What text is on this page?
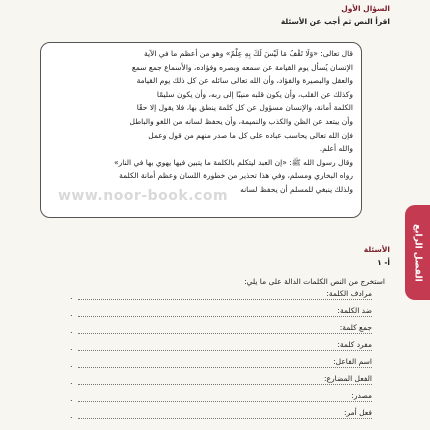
السؤال الأول
اقرأ النص ثم أجب عن الأسئلة
قال تعالى: «وَلَا تَقْفُ مَا لَيْسَ لَكَ بِهِ عِلْمٌ» وهو من أعظم ما في الآية
الإنسان يُسأل يوم القيامة عن سمعه وبصره وفؤاده، والأسماع جمع سمع
والعقل والبصيرة والفؤاد، وأن الله تعالى سائله عن كل ذلك يوم القيامة
وكذلك عن القلب، وأن يكون قلبه منيبًا إلى ربه، وأن يكون سليمًا
الكلمة أمانة، والإنسان مسؤول عن كل كلمة ينطق بها، فلا يقول إلا حقًا
وأن يبتعد عن الظن والكذب والنميمة، وأن يحفظ لسانه من اللغو والباطل
فإن الله تعالى يحاسب عباده على كل ما صدر منهم من قول وعمل
والله أعلم.
وقال رسول الله ﷺ: «إن العبد ليتكلم بالكلمة ما يتبين فيها يهوي بها في النار»
رواه البخاري ومسلم، وفي هذا تحذير من خطورة اللسان وعظم أمانة الكلمة
ولذلك ينبغي للمسلم أن يحفظ لسانه
www.noor-book.com
الفصل الرابع
الأسئلة
أ- ١
استخرج من النص الكلمات الدالة على ما يلي:
مرادف الكلمة:
.
ضد الكلمة:
.
جمع كلمة:
.
مفرد كلمة:
.
اسم الفاعل:
.
الفعل المضارع:
.
مصدر:
.
فعل أمر:
.
